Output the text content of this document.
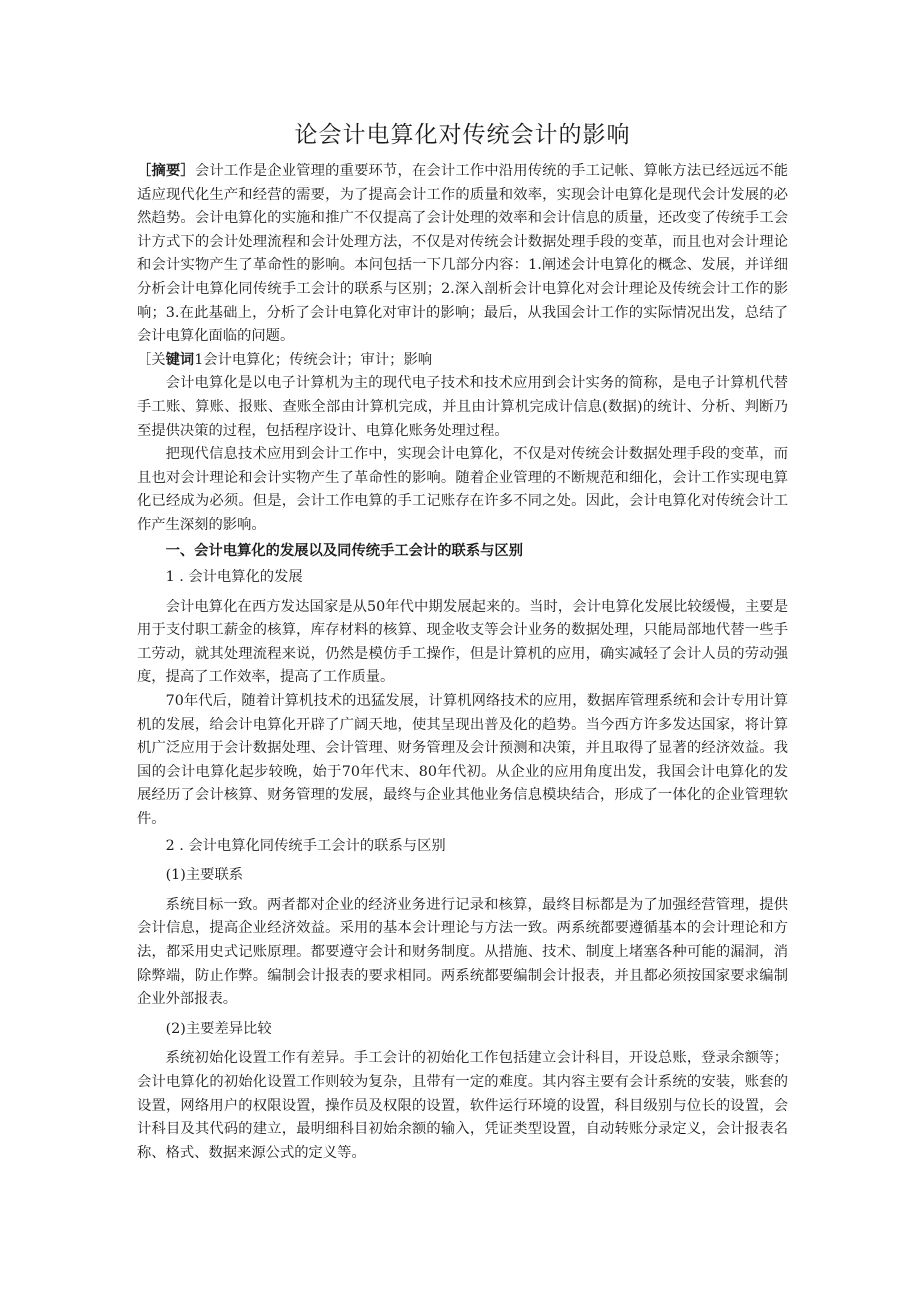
论会计电算化对传统会计的影响

［摘要］会计工作是企业管理的重要环节，在会计工作中沿用传统的手工记帐、算帐方法已经远远不能适应现代化生产和经营的需要，为了提高会计工作的质量和效率，实现会计电算化是现代会计发展的必然趋势。会计电算化的实施和推广不仅提高了会计处理的效率和会计信息的质量，还改变了传统手工会计方式下的会计处理流程和会计处理方法，不仅是对传统会计数据处理手段的变革，而且也对会计理论和会计实物产生了革命性的影响。本问包括一下几部分内容：1.阐述会计电算化的概念、发展，并详细分析会计电算化同传统手工会计的联系与区别；2.深入剖析会计电算化对会计理论及传统会计工作的影响；3.在此基础上，分析了会计电算化对审计的影响；最后，从我国会计工作的实际情况出发，总结了会计电算化面临的问题。

［关键词1会计电算化；传统会计；审计；影响

会计电算化是以电子计算机为主的现代电子技术和技术应用到会计实务的简称，是电子计算机代替手工账、算账、报账、查账全部由计算机完成，并且由计算机完成计信息(数据)的统计、分析、判断乃至提供决策的过程，包括程序设计、电算化账务处理过程。

把现代信息技术应用到会计工作中，实现会计电算化，不仅是对传统会计数据处理手段的变革，而且也对会计理论和会计实物产生了革命性的影响。随着企业管理的不断规范和细化，会计工作实现电算化已经成为必须。但是，会计工作电算的手工记账存在许多不同之处。因此，会计电算化对传统会计工作产生深刻的影响。

一、会计电算化的发展以及同传统手工会计的联系与区别

1 . 会计电算化的发展

会计电算化在西方发达国家是从50年代中期发展起来的。当时，会计电算化发展比较缓慢，主要是用于支付职工薪金的核算，库存材料的核算、现金收支等会计业务的数据处理，只能局部地代替一些手工劳动，就其处理流程来说，仍然是模仿手工操作，但是计算机的应用，确实减轻了会计人员的劳动强度，提高了工作效率，提高了工作质量。

70年代后，随着计算机技术的迅猛发展，计算机网络技术的应用，数据库管理系统和会计专用计算机的发展，给会计电算化开辟了广阔天地，使其呈现出普及化的趋势。当今西方许多发达国家，将计算机广泛应用于会计数据处理、会计管理、财务管理及会计预测和决策，并且取得了显著的经济效益。我国的会计电算化起步较晚，始于70年代末、80年代初。从企业的应用角度出发，我国会计电算化的发展经历了会计核算、财务管理的发展，最终与企业其他业务信息模块结合，形成了一体化的企业管理软件。

2 . 会计电算化同传统手工会计的联系与区别

(1)主要联系

系统目标一致。两者都对企业的经济业务进行记录和核算，最终目标都是为了加强经营管理，提供会计信息，提高企业经济效益。采用的基本会计理论与方法一致。两系统都要遵循基本的会计理论和方法，都采用史式记账原理。都要遵守会计和财务制度。从措施、技术、制度上堵塞各种可能的漏洞，消除弊端，防止作弊。编制会计报表的要求相同。两系统都要编制会计报表，并且都必须按国家要求编制企业外部报表。

(2)主要差异比较

系统初始化设置工作有差异。手工会计的初始化工作包括建立会计科目，开设总账，登录余额等；会计电算化的初始化设置工作则较为复杂，且带有一定的难度。其内容主要有会计系统的安装，账套的设置，网络用户的权限设置，操作员及权限的设置，软件运行环境的设置，科目级别与位长的设置，会计科目及其代码的建立，最明细科目初始余额的输入，凭证类型设置，自动转账分录定义，会计报表名称、格式、数据来源公式的定义等。
